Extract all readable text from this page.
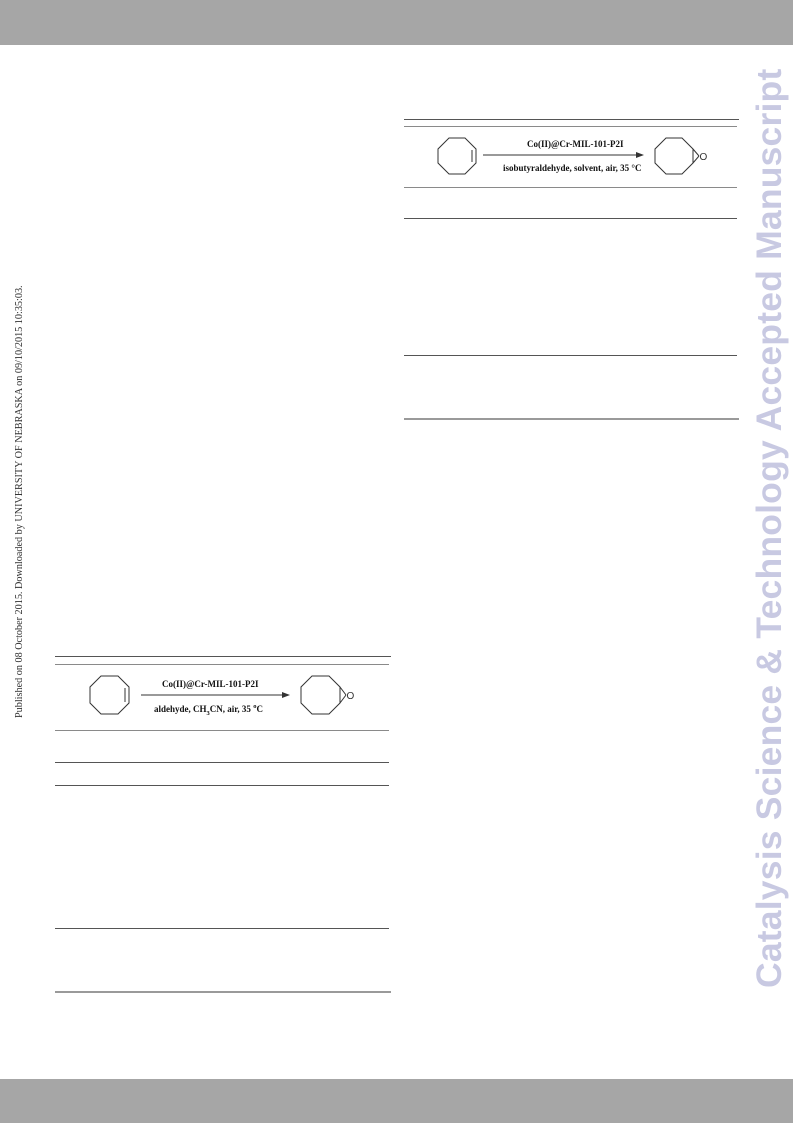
Published on 08 October 2015. Downloaded by UNIVERSITY OF NEBRASKA on 09/10/2015 10:35:03.	Catalysis Science & Technology Accepted Manuscript
Co(II)@Cr-MIL-101-P2I
isobutyraldehyde, solvent, air, 35 °C
O
Co(II)@Cr-MIL-101-P2I
aldehyde, $CH_3CN$, air, 35 $^o$C
O
